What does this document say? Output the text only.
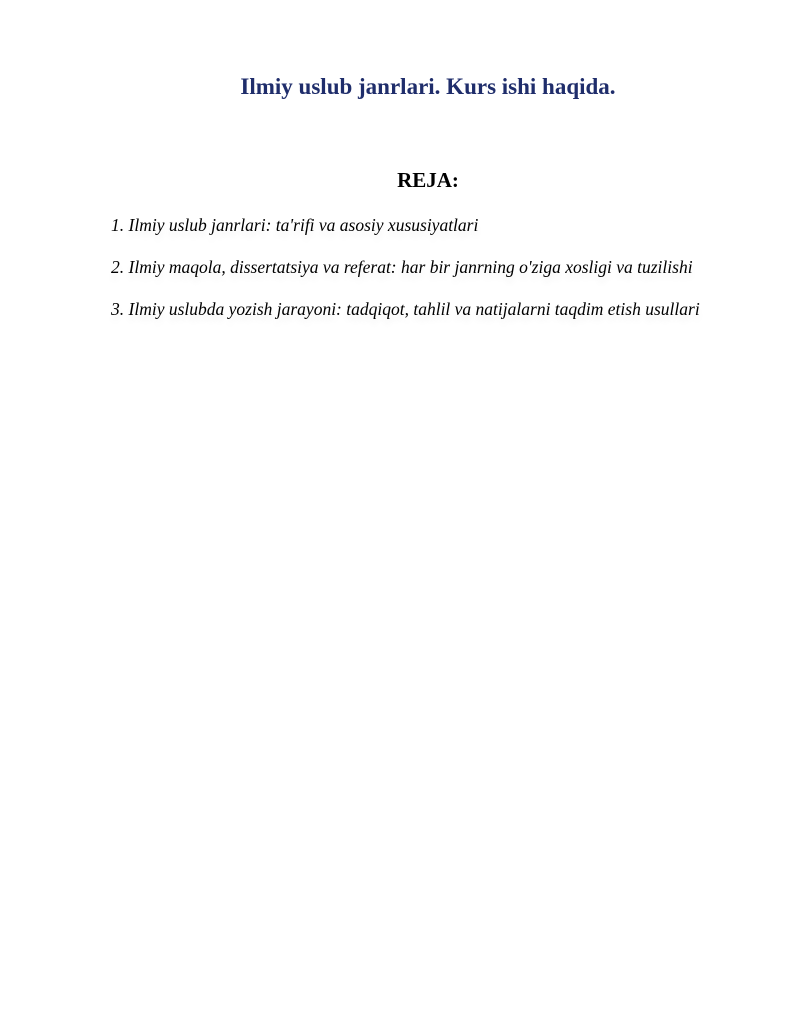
Ilmiy uslub janrlari. Kurs ishi haqida.
REJA:
1. Ilmiy uslub janrlari: ta'rifi va asosiy xususiyatlari
2. Ilmiy maqola, dissertatsiya va referat: har bir janrning o'ziga xosligi va tuzilishi
3. Ilmiy uslubda yozish jarayoni: tadqiqot, tahlil va natijalarni taqdim etish usullari
